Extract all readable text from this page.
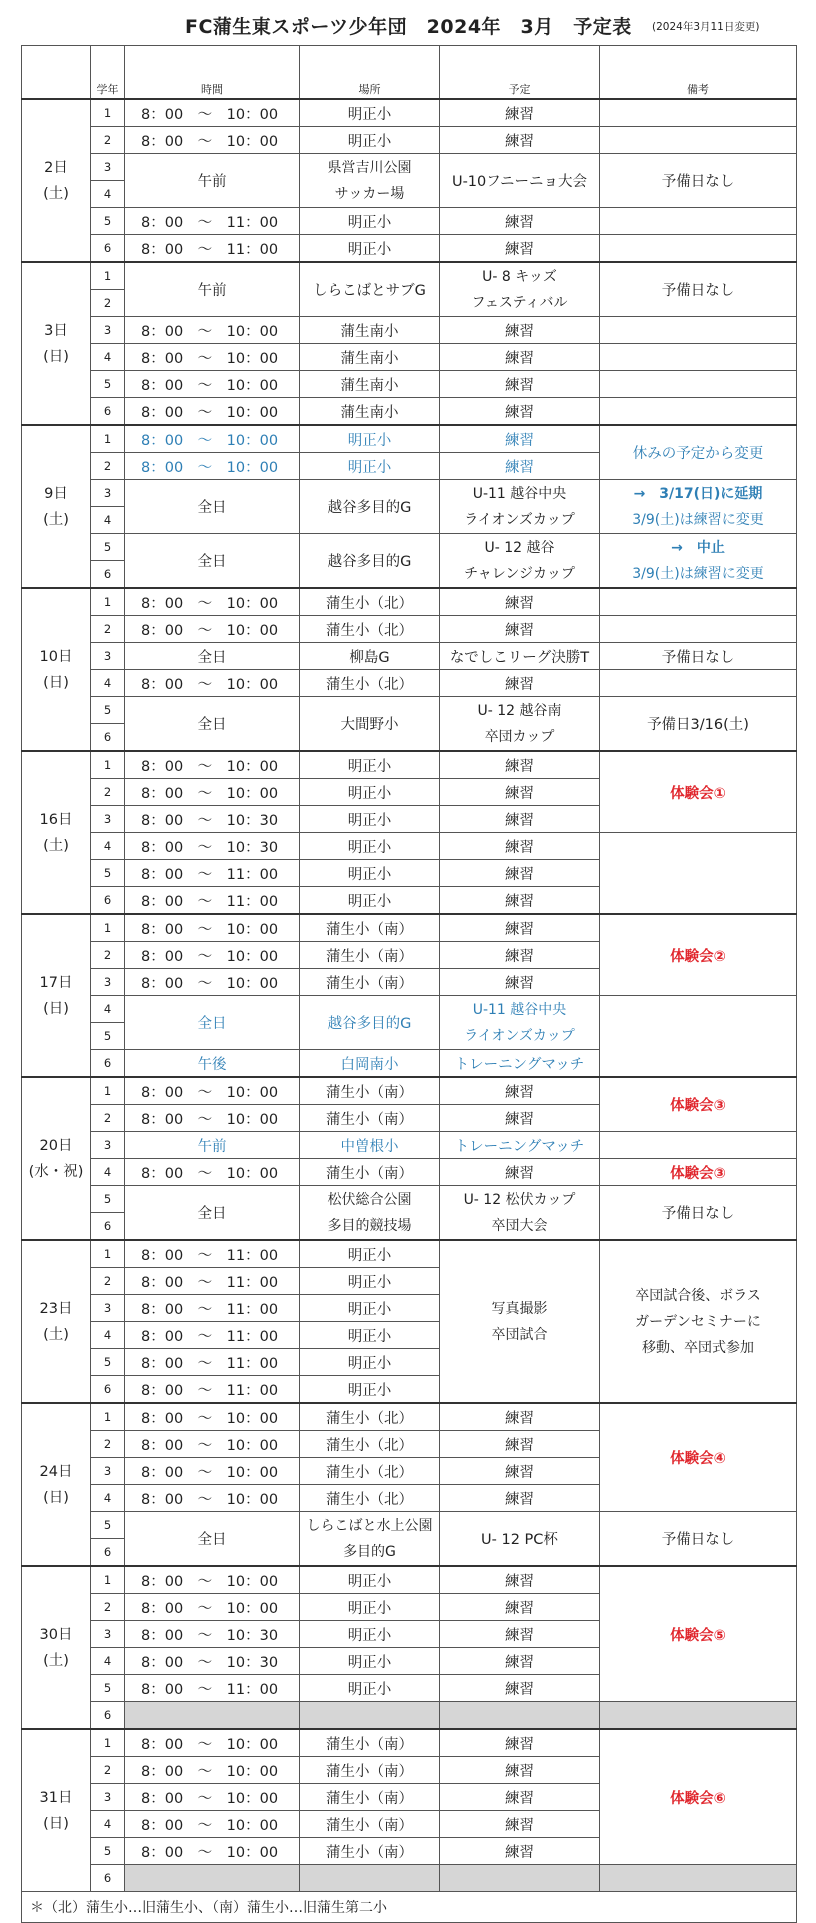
FC蒲生東スポーツ少年団　2024年　3月　予定表 (2024年3月11日変更)
	学年	時間	場所	予定	備考
2日
(土)	1	8：00　～　10：00	明正小	練習	
	2	8：00　～　10：00	明正小	練習	
	3	午前	県営吉川公園
サッカー場	U-10フニーニョ大会	予備日なし
	4				
	5	8：00　～　11：00	明正小	練習	
	6	8：00　～　11：00	明正小	練習	
3日
(日)	1	午前	しらこばとサブG	U- 8 キッズ
フェスティバル	予備日なし
	2				
	3	8：00　～　10：00	蒲生南小	練習	
	4	8：00　～　10：00	蒲生南小	練習	
	5	8：00　～　10：00	蒲生南小	練習	
	6	8：00　～　10：00	蒲生南小	練習	
9日
(土)	1	8：00　～　10：00	明正小	練習	休みの予定から変更
	2	8：00　～　10：00	明正小	練習	
	3	全日	越谷多目的G	U-11 越谷中央
ライオンズカップ	→　3/17(日)に延期
3/9(土)は練習に変更
	4				
	5	全日	越谷多目的G	U- 12 越谷
チャレンジカップ	→　中止
3/9(土)は練習に変更
	6				
10日
(日)	1	8：00　～　10：00	蒲生小（北）	練習	
	2	8：00　～　10：00	蒲生小（北）	練習	
	3	全日	柳島G	なでしこリーグ決勝T	予備日なし
	4	8：00　～　10：00	蒲生小（北）	練習	
	5	全日	大間野小	U- 12 越谷南
卒団カップ	予備日3/16(土)
	6				
16日
(土)	1	8：00　～　10：00	明正小	練習	体験会①
	2	8：00　～　10：00	明正小	練習	
	3	8：00　～　10：30	明正小	練習	
	4	8：00　～　10：30	明正小	練習	
	5	8：00　～　11：00	明正小	練習	
	6	8：00　～　11：00	明正小	練習	
17日
(日)	1	8：00　～　10：00	蒲生小（南）	練習	体験会②
	2	8：00　～　10：00	蒲生小（南）	練習	
	3	8：00　～　10：00	蒲生小（南）	練習	
	4	全日	越谷多目的G	U-11 越谷中央
ライオンズカップ	
	5				
	6	午後	白岡南小	トレーニングマッチ	
20日
(水・祝)	1	8：00　～　10：00	蒲生小（南）	練習	体験会③
	2	8：00　～　10：00	蒲生小（南）	練習	
	3	午前	中曽根小	トレーニングマッチ	
	4	8：00　～　10：00	蒲生小（南）	練習	体験会③
	5	全日	松伏総合公園
多目的競技場	U- 12 松伏カップ
卒団大会	予備日なし
	6				
23日
(土)	1	8：00　～　11：00	明正小	写真撮影
卒団試合	卒団試合後、ボラス
ガーデンセミナーに
移動、卒団式参加
	2	8：00　～　11：00	明正小		
	3	8：00　～　11：00	明正小		
	4	8：00　～　11：00	明正小		
	5	8：00　～　11：00	明正小		
	6	8：00　～　11：00	明正小		
24日
(日)	1	8：00　～　10：00	蒲生小（北）	練習	体験会④
	2	8：00　～　10：00	蒲生小（北）	練習	
	3	8：00　～　10：00	蒲生小（北）	練習	
	4	8：00　～　10：00	蒲生小（北）	練習	
	5	全日	しらこばと水上公園
多目的G	U- 12 PC杯	予備日なし
	6				
30日
(土)	1	8：00　～　10：00	明正小	練習	体験会⑤
	2	8：00　～　10：00	明正小	練習	
	3	8：00　～　10：30	明正小	練習	
	4	8：00　～　10：30	明正小	練習	
	5	8：00　～　11：00	明正小	練習	
	6				
31日
(日)	1	8：00　～　10：00	蒲生小（南）	練習	体験会⑥
	2	8：00　～　10：00	蒲生小（南）	練習	
	3	8：00　～　10：00	蒲生小（南）	練習	
	4	8：00　～　10：00	蒲生小（南）	練習	
	5	8：00　～　10：00	蒲生小（南）	練習	
	6				
＊（北）蒲生小…旧蒲生小、（南）蒲生小…旧蒲生第二小					
